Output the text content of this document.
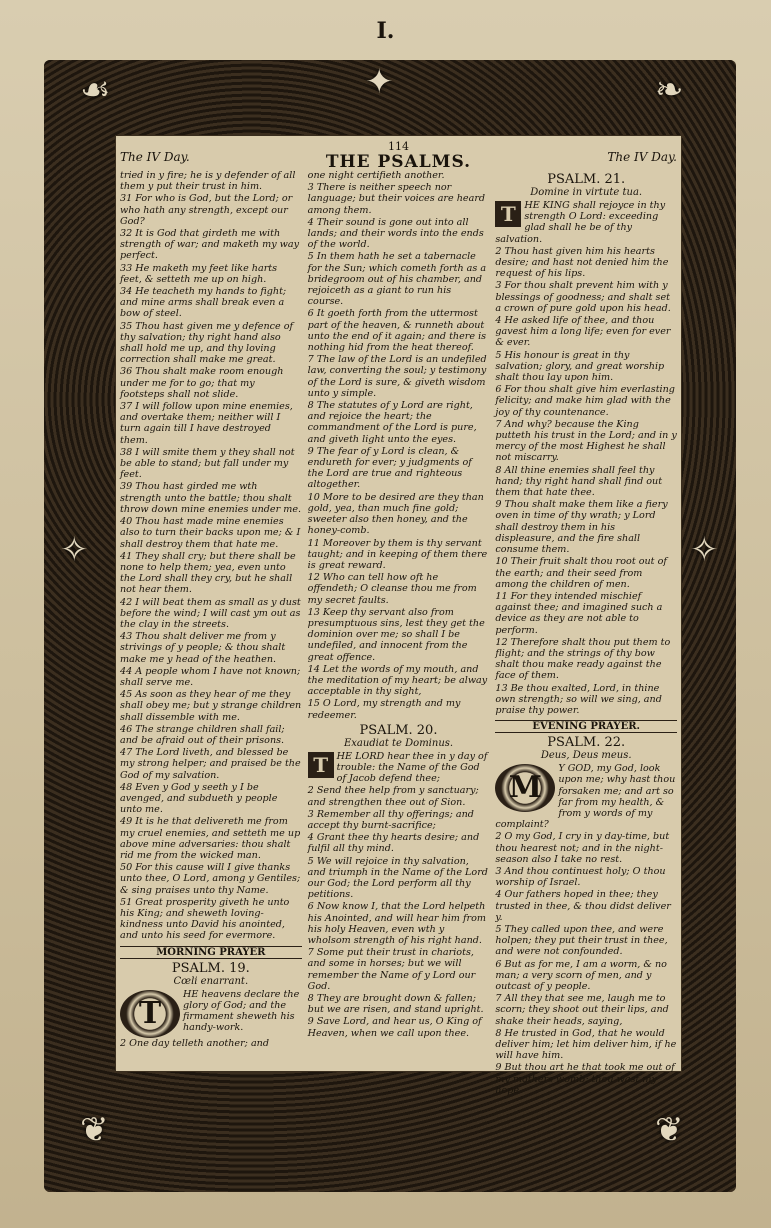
I.
☙	❧
✦
✧	✧
❦	❦
The IV Day.
114
THE PSALMS.	The IV Day.

tried in y fire; he is y defender of all them y put their trust in him.

31 For who is God, but the Lord; or who hath any strength, except our God?

32 It is God that girdeth me with strength of war; and maketh my way perfect.

33 He maketh my feet like harts feet, & setteth me up on high.

34 He teacheth my hands to fight; and mine arms shall break even a bow of steel.

35 Thou hast given me y defence of thy salvation; thy right hand also shall hold me up, and thy loving correction shall make me great.

36 Thou shalt make room enough under me for to go; that my footsteps shall not slide.

37 I will follow upon mine enemies, and overtake them; neither will I turn again till I have destroyed them.

38 I will smite them y they shall not be able to stand; but fall under my feet.

39 Thou hast girded me wth strength unto the battle; thou shalt throw down mine enemies under me.

40 Thou hast made mine enemies also to turn their backs upon me; & I shall destroy them that hate me.

41 They shall cry; but there shall be none to help them; yea, even unto the Lord shall they cry, but he shall not hear them.

42 I will beat them as small as y dust before the wind; I will cast ym out as the clay in the streets.

43 Thou shalt deliver me from y strivings of y people; & thou shalt make me y head of the heathen.

44 A people whom I have not known; shall serve me.

45 As soon as they hear of me they shall obey me; but y strange children shall dissemble with me.

46 The strange children shall fail; and be afraid out of their prisons.

47 The Lord liveth, and blessed be my strong helper; and praised be the God of my salvation.

48 Even y God y seeth y I be avenged, and subdueth y people unto me.

49 It is he that delivereth me from my cruel enemies, and setteth me up above mine adversaries: thou shalt rid me from the wicked man.

50 For this cause will I give thanks unto thee, O Lord, among y Gentiles; & sing praises unto thy Name.

51 Great prosperity giveth he unto his King; and sheweth loving-kindness unto David his anointed, and unto his seed for evermore.

MORNING PRAYER
PSALM. 19.
Cœli enarrant.
T

HE heavens declare the glory of God; and the firmament sheweth his handy-work.

2 One day telleth another; and

one night certifieth another.

3 There is neither speech nor language; but their voices are heard among them.

4 Their sound is gone out into all lands; and their words into the ends of the world.

5 In them hath he set a tabernacle for the Sun; which cometh forth as a bridegroom out of his chamber, and rejoiceth as a giant to run his course.

6 It goeth forth from the uttermost part of the heaven, & runneth about unto the end of it again; and there is nothing hid from the heat thereof.

7 The law of the Lord is an undefiled law, converting the soul; y testimony of the Lord is sure, & giveth wisdom unto y simple.

8 The statutes of y Lord are right, and rejoice the heart; the commandment of the Lord is pure, and giveth light unto the eyes.

9 The fear of y Lord is clean, & endureth for ever; y judgments of the Lord are true and righteous altogether.

10 More to be desired are they than gold, yea, than much fine gold; sweeter also then honey, and the honey-comb.

11 Moreover by them is thy servant taught; and in keeping of them there is great reward.

12 Who can tell how oft he offendeth; O cleanse thou me from my secret faults.

13 Keep thy servant also from presumptuous sins, lest they get the dominion over me; so shall I be undefiled, and innocent from the great offence.

14 Let the words of my mouth, and the meditation of my heart; be alway acceptable in thy sight,

15 O Lord, my strength and my redeemer.

PSALM. 20.
Exaudiat te Dominus.
T HE LORD hear thee in y day of trouble: the Name of the God of Jacob defend thee;

2 Send thee help from y sanctuary; and strengthen thee out of Sion.

3 Remember all thy offerings; and accept thy burnt-sacrifice;

4 Grant thee thy hearts desire; and fulfil all thy mind.

5 We will rejoice in thy salvation, and triumph in the Name of the Lord our God; the Lord perform all thy petitions.

6 Now know I, that the Lord helpeth his Anointed, and will hear him from his holy Heaven, even wth y wholsom strength of his right hand.

7 Some put their trust in chariots, and some in horses; but we will remember the Name of y Lord our God.

8 They are brought down & fallen; but we are risen, and stand upright.

9 Save Lord, and hear us, O King of Heaven, when we call upon thee.

PSALM. 21.
Domine in virtute tua.
T HE KING shall rejoyce in thy strength O Lord: exceeding glad shall he be of thy salvation.

2 Thou hast given him his hearts desire; and hast not denied him the request of his lips.

3 For thou shalt prevent him with y blessings of goodness; and shalt set a crown of pure gold upon his head.

4 He asked life of thee, and thou gavest him a long life; even for ever & ever.

5 His honour is great in thy salvation; glory, and great worship shalt thou lay upon him.

6 For thou shalt give him everlasting felicity; and make him glad with the joy of thy countenance.

7 And why? because the King putteth his trust in the Lord; and in y mercy of the most Highest he shall not miscarry.

8 All thine enemies shall feel thy hand; thy right hand shall find out them that hate thee.

9 Thou shalt make them like a fiery oven in time of thy wrath; y Lord shall destroy them in his displeasure, and the fire shall consume them.

10 Their fruit shalt thou root out of the earth; and their seed from among the children of men.

11 For they intended mischief against thee; and imagined such a device as they are not able to perform.

12 Therefore shalt thou put them to flight; and the strings of thy bow shalt thou make ready against the face of them.

13 Be thou exalted, Lord, in thine own strength; so will we sing, and praise thy power.

EVENING PRAYER.
PSALM. 22.
Deus, Deus meus.
M

Y GOD, my God, look upon me; why hast thou forsaken me; and art so far from my health, & from y words of my complaint?

2 O my God, I cry in y day-time, but thou hearest not; and in the night-season also I take no rest.

3 And thou continuest holy; O thou worship of Israel.

4 Our fathers hoped in thee; they trusted in thee, & thou didst deliver y.

5 They called upon thee, and were holpen; they put their trust in thee, and were not confounded.

6 But as for me, I am a worm, & no man; a very scorn of men, and y outcast of y people.

7 All they that see me, laugh me to scorn; they shoot out their lips, and shake their heads, saying,

8 He trusted in God, that he would deliver him; let him deliver him, if he will have him.

9 But thou art he that took me out of my mothers womb; thou wast my hope
